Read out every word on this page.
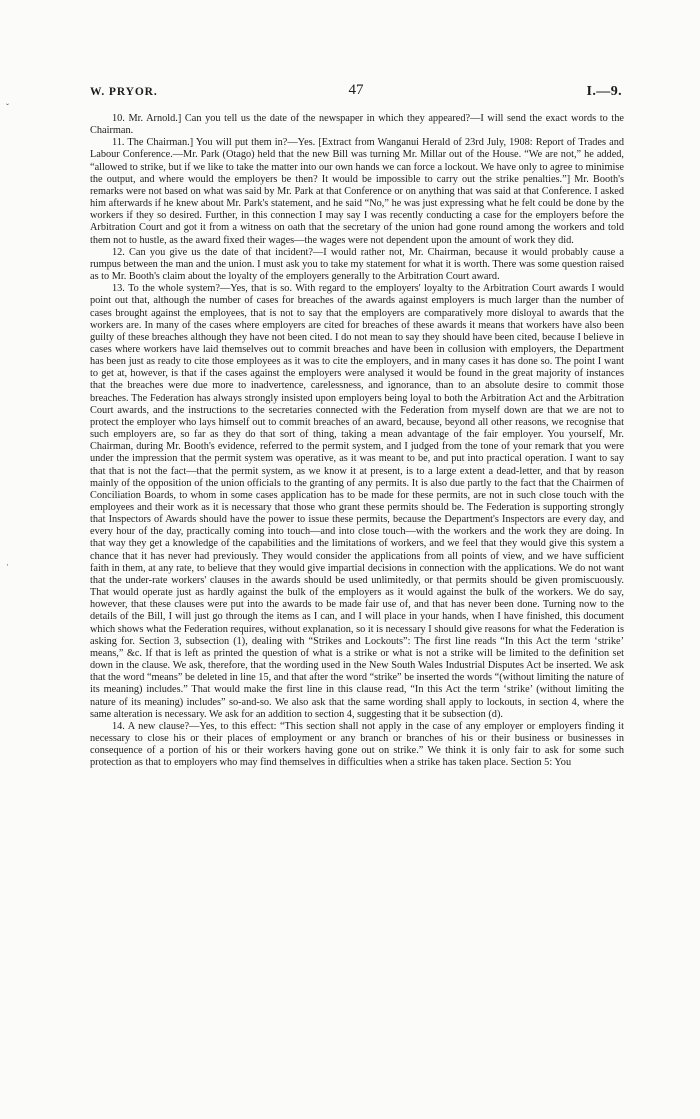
W. PRYOR.	47	I.—9.

10. Mr. Arnold.] Can you tell us the date of the newspaper in which they appeared?—I will send the exact words to the Chairman.

11. The Chairman.] You will put them in?—Yes. [Extract from Wanganui Herald of 23rd July, 1908: Report of Trades and Labour Conference.—Mr. Park (Otago) held that the new Bill was turning Mr. Millar out of the House. “We are not,” he added, “allowed to strike, but if we like to take the matter into our own hands we can force a lockout. We have only to agree to minimise the output, and where would the employers be then? It would be impossible to carry out the strike penalties.”] Mr. Booth's remarks were not based on what was said by Mr. Park at that Conference or on anything that was said at that Conference. I asked him afterwards if he knew about Mr. Park's statement, and he said “No,” he was just expressing what he felt could be done by the workers if they so desired. Further, in this connection I may say I was recently conducting a case for the employers before the Arbitration Court and got it from a witness on oath that the secretary of the union had gone round among the workers and told them not to hustle, as the award fixed their wages—the wages were not dependent upon the amount of work they did.

12. Can you give us the date of that incident?—I would rather not, Mr. Chairman, because it would probably cause a rumpus between the man and the union. I must ask you to take my statement for what it is worth. There was some question raised as to Mr. Booth's claim about the loyalty of the employers generally to the Arbitration Court award.

13. To the whole system?—Yes, that is so. With regard to the employers' loyalty to the Arbitration Court awards I would point out that, although the number of cases for breaches of the awards against employers is much larger than the number of cases brought against the employees, that is not to say that the employers are comparatively more disloyal to awards that the workers are. In many of the cases where employers are cited for breaches of these awards it means that workers have also been guilty of these breaches although they have not been cited. I do not mean to say they should have been cited, because I believe in cases where workers have laid themselves out to commit breaches and have been in collusion with employers, the Department has been just as ready to cite those employees as it was to cite the employers, and in many cases it has done so. The point I want to get at, however, is that if the cases against the employers were analysed it would be found in the great majority of instances that the breaches were due more to inadvertence, carelessness, and ignorance, than to an absolute desire to commit those breaches. The Federation has always strongly insisted upon employers being loyal to both the Arbitration Act and the Arbitration Court awards, and the instructions to the secretaries connected with the Federation from myself down are that we are not to protect the employer who lays himself out to commit breaches of an award, because, beyond all other reasons, we recognise that such employers are, so far as they do that sort of thing, taking a mean advantage of the fair employer. You yourself, Mr. Chairman, during Mr. Booth's evidence, referred to the permit system, and I judged from the tone of your remark that you were under the impression that the permit system was operative, as it was meant to be, and put into practical operation. I want to say that that is not the fact—that the permit system, as we know it at present, is to a large extent a dead-letter, and that by reason mainly of the opposition of the union officials to the granting of any permits. It is also due partly to the fact that the Chairmen of Conciliation Boards, to whom in some cases application has to be made for these permits, are not in such close touch with the employees and their work as it is necessary that those who grant these permits should be. The Federation is supporting strongly that Inspectors of Awards should have the power to issue these permits, because the Department's Inspectors are every day, and every hour of the day, practically coming into touch—and into close touch—with the workers and the work they are doing. In that way they get a knowledge of the capabilities and the limitations of workers, and we feel that they would give this system a chance that it has never had previously. They would consider the applications from all points of view, and we have sufficient faith in them, at any rate, to believe that they would give impartial decisions in connection with the applications. We do not want that the under-rate workers' clauses in the awards should be used unlimitedly, or that permits should be given promiscuously. That would operate just as hardly against the bulk of the employers as it would against the bulk of the workers. We do say, however, that these clauses were put into the awards to be made fair use of, and that has never been done. Turning now to the details of the Bill, I will just go through the items as I can, and I will place in your hands, when I have finished, this document which shows what the Federation requires, without explanation, so it is necessary I should give reasons for what the Federation is asking for. Section 3, subsection (1), dealing with “Strikes and Lockouts”: The first line reads “In this Act the term ‘strike’ means,” &c. If that is left as printed the question of what is a strike or what is not a strike will be limited to the definition set down in the clause. We ask, therefore, that the wording used in the New South Wales Industrial Disputes Act be inserted. We ask that the word “means” be deleted in line 15, and that after the word “strike” be inserted the words “(without limiting the nature of its meaning) includes.” That would make the first line in this clause read, “In this Act the term ‘strike’ (without limiting the nature of its meaning) includes” so-and-so. We also ask that the same wording shall apply to lockouts, in section 4, where the same alteration is necessary. We ask for an addition to section 4, suggesting that it be subsection (d).

14. A new clause?—Yes, to this effect: “This section shall not apply in the case of any employer or employers finding it necessary to close his or their places of employment or any branch or branches of his or their business or businesses in consequence of a portion of his or their workers having gone out on strike.” We think it is only fair to ask for some such protection as that to employers who may find themselves in difficulties when a strike has taken place. Section 5: You

ˇ
·
